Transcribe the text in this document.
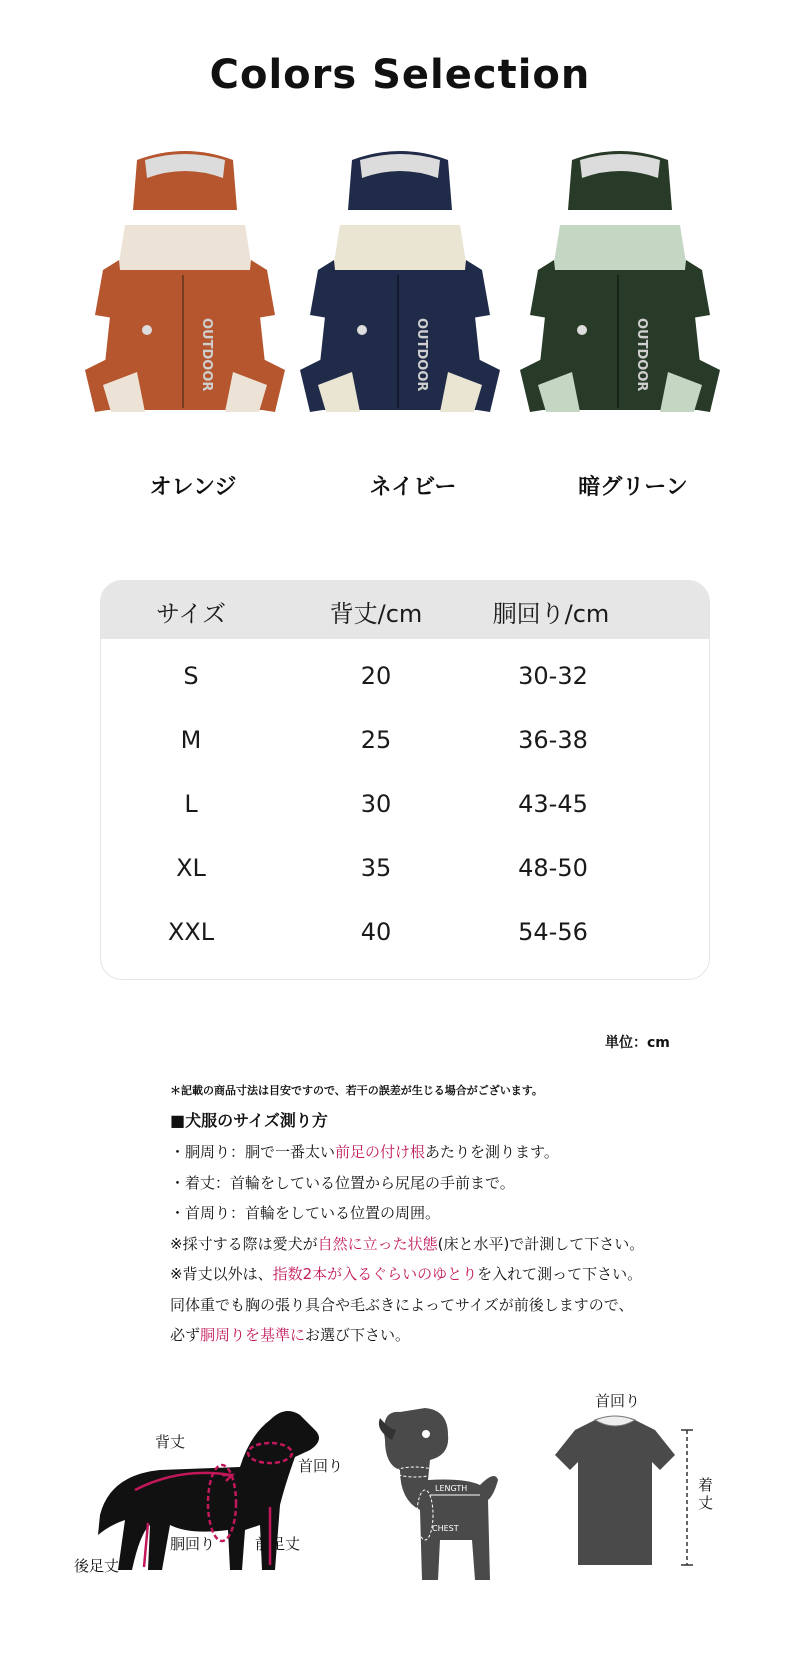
Colors Selection
OUTDOOR	OUTDOOR	OUTDOOR
オレンジ	ネイビー	暗グリーン
サイズ	背丈/cm	胴回り/cm
S	20	30-32
M	25	36-38
L	30	43-45
XL	35	48-50
XXL	40	54-56
単位：cm
＊記載の商品寸法は目安ですので、若干の誤差が生じる場合がございます。
■犬服のサイズ測り方
・胴周り：胴で一番太い前足の付け根あたりを測ります。
・着丈：首輪をしている位置から尻尾の手前まで。
・首周り：首輪をしている位置の周囲。
※採寸する際は愛犬が自然に立った状態(床と水平)で計測して下さい。
※背丈以外は、指数2本が入るぐらいのゆとりを入れて測って下さい。
同体重でも胸の張り具合や毛ぶきによってサイズが前後しますので、
必ず胴周りを基準にお選び下さい。
背丈
首回り
胴回り	前足丈
後足丈
LENGTH
NECK
CHEST
首回り
着丈
